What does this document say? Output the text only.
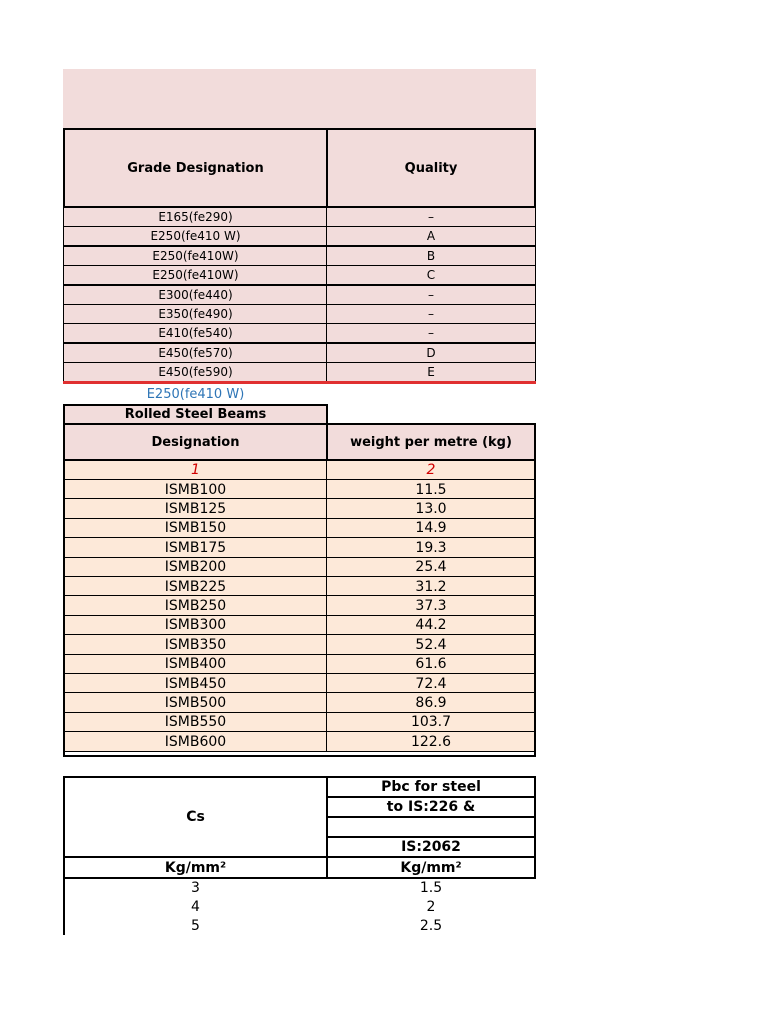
Grade Designation	Quality
E165(fe290)	–
E250(fe410 W)	A
E250(fe410W)	B
E250(fe410W)	C
E300(fe440)	–
E350(fe490)	–
E410(fe540)	–
E450(fe570)	D
E450(fe590)	E
E250(fe410 W)
Rolled Steel Beams
Designation	weight per metre (kg)
1	2
ISMB100	11.5
ISMB125	13.0
ISMB150	14.9
ISMB175	19.3
ISMB200	25.4
ISMB225	31.2
ISMB250	37.3
ISMB300	44.2
ISMB350	52.4
ISMB400	61.6
ISMB450	72.4
ISMB500	86.9
ISMB550	103.7
ISMB600	122.6
Cs
Pbc for steel
to IS:226 &
IS:2062
Kg/mm²	Kg/mm²
3	1.5
4	2
5	2.5
